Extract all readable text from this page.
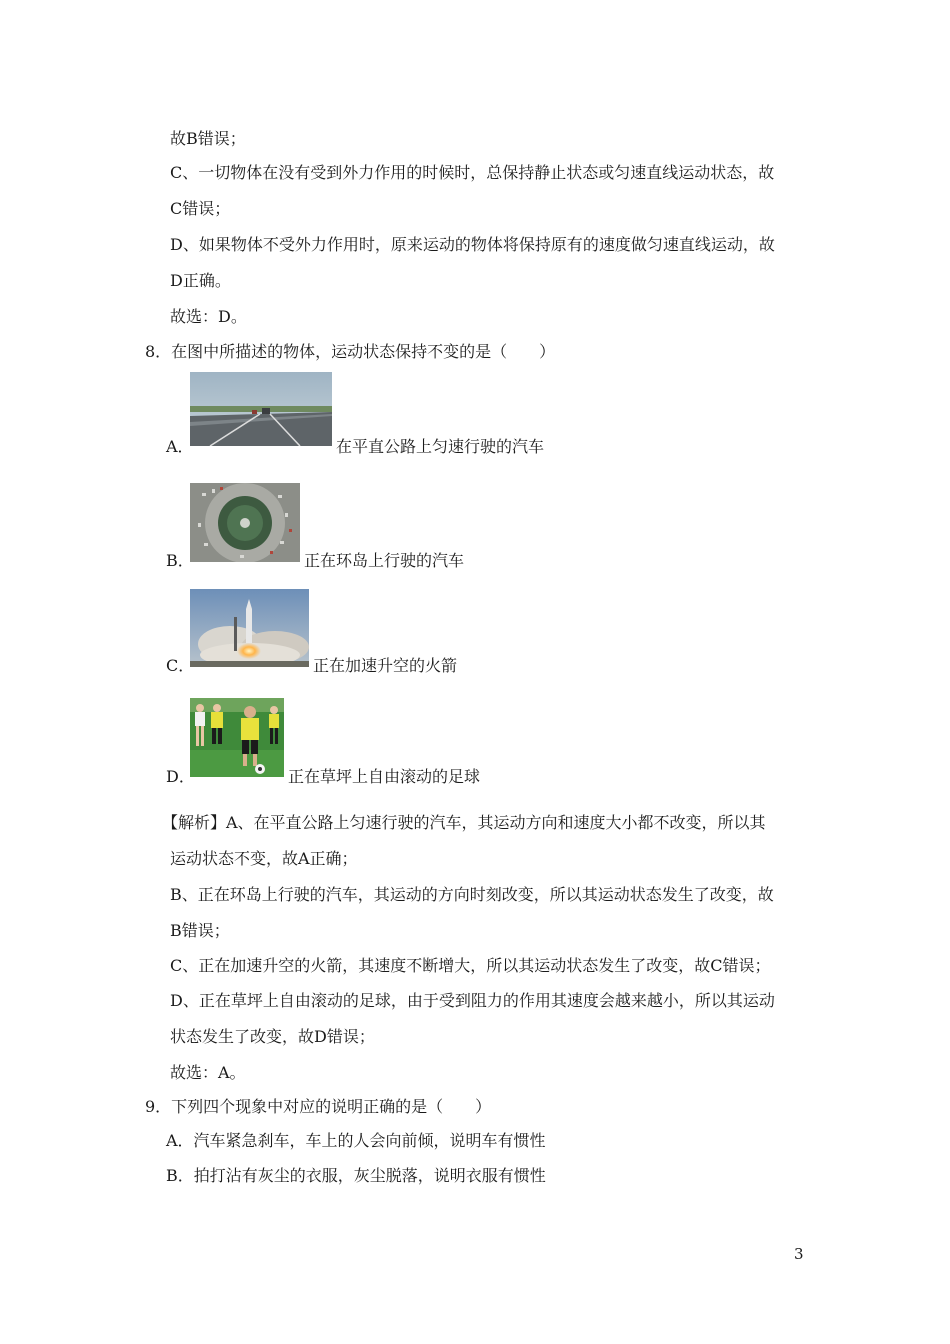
故B错误；
C、一切物体在没有受到外力作用的时候时，总保持静止状态或匀速直线运动状态，故
C错误；
D、如果物体不受外力作用时，原来运动的物体将保持原有的速度做匀速直线运动，故
D正确。
故选：D。
8．在图中所描述的物体，运动状态保持不变的是（　　）
A．	在平直公路上匀速行驶的汽车
B．	正在环岛上行驶的汽车
C．	正在加速升空的火箭
D．	正在草坪上自由滚动的足球
【解析】A、在平直公路上匀速行驶的汽车，其运动方向和速度大小都不改变，所以其
运动状态不变，故A正确；
B、正在环岛上行驶的汽车，其运动的方向时刻改变，所以其运动状态发生了改变，故
B错误；
C、正在加速升空的火箭，其速度不断增大，所以其运动状态发生了改变，故C错误；
D、正在草坪上自由滚动的足球，由于受到阻力的作用其速度会越来越小，所以其运动
状态发生了改变，故D错误；
故选：A。
9．下列四个现象中对应的说明正确的是（　　）
A．汽车紧急刹车，车上的人会向前倾，说明车有惯性
B．拍打沾有灰尘的衣服，灰尘脱落，说明衣服有惯性
3
